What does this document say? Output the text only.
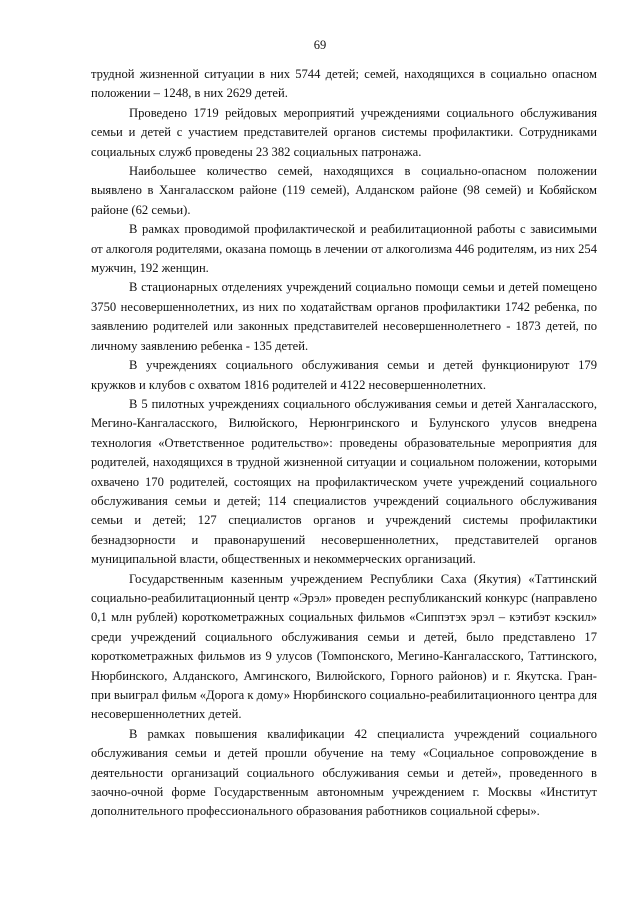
69

трудной жизненной ситуации в них 5744 детей; семей, находящихся в социально опасном положении – 1248, в них 2629 детей.

Проведено 1719 рейдовых мероприятий учреждениями социального обслуживания семьи и детей с участием представителей органов системы профилактики. Сотрудниками социальных служб проведены 23 382 социальных патронажа.

Наибольшее количество семей, находящихся в социально-опасном положении выявлено в Хангаласском районе (119 семей), Алданском районе (98 семей) и Кобяйском районе (62 семьи).

В рамках проводимой профилактической и реабилитационной работы с зависимыми от алкоголя родителями, оказана помощь в лечении от алкоголизма 446 родителям, из них 254 мужчин, 192 женщин.

В стационарных отделениях учреждений социально помощи семьи и детей помещено 3750 несовершеннолетних, из них по ходатайствам органов профилактики 1742 ребенка, по заявлению родителей или законных представителей несовершеннолетнего - 1873 детей, по личному заявлению ребенка - 135 детей.

В учреждениях социального обслуживания семьи и детей функционируют 179 кружков и клубов с охватом 1816 родителей и 4122 несовершеннолетних.

В 5 пилотных учреждениях социального обслуживания семьи и детей Хангаласского, Мегино-Кангаласского, Вилюйского, Нерюнгринского и Булунского улусов внедрена технология «Ответственное родительство»: проведены образовательные мероприятия для родителей, находящихся в трудной жизненной ситуации и социальном положении, которыми охвачено 170 родителей, состоящих на профилактическом учете учреждений социального обслуживания семьи и детей; 114 специалистов учреждений социального обслуживания семьи и детей; 127 специалистов органов и учреждений системы профилактики безнадзорности и правонарушений несовершеннолетних, представителей органов муниципальной власти, общественных и некоммерческих организаций.

Государственным казенным учреждением Республики Саха (Якутия) «Таттинский социально-реабилитационный центр «Эрэл» проведен республиканский конкурс (направлено 0,1 млн рублей) короткометражных социальных фильмов «Сиппэтэх эрэл – кэтибэт кэскил» среди учреждений социального обслуживания семьи и детей, было представлено 17 короткометражных фильмов из 9 улусов (Томпонского, Мегино-Кангаласского, Таттинского, Нюрбинского, Алданского, Амгинского, Вилюйского, Горного районов) и г. Якутска. Гран-при выиграл фильм «Дорога к дому» Нюрбинского социально-реабилитационного центра для несовершеннолетних детей.

В рамках повышения квалификации 42 специалиста учреждений социального обслуживания семьи и детей прошли обучение на тему «Социальное сопровождение в деятельности организаций социального обслуживания семьи и детей», проведенного в заочно-очной форме Государственным автономным учреждением г. Москвы «Институт дополнительного профессионального образования работников социальной сферы».
